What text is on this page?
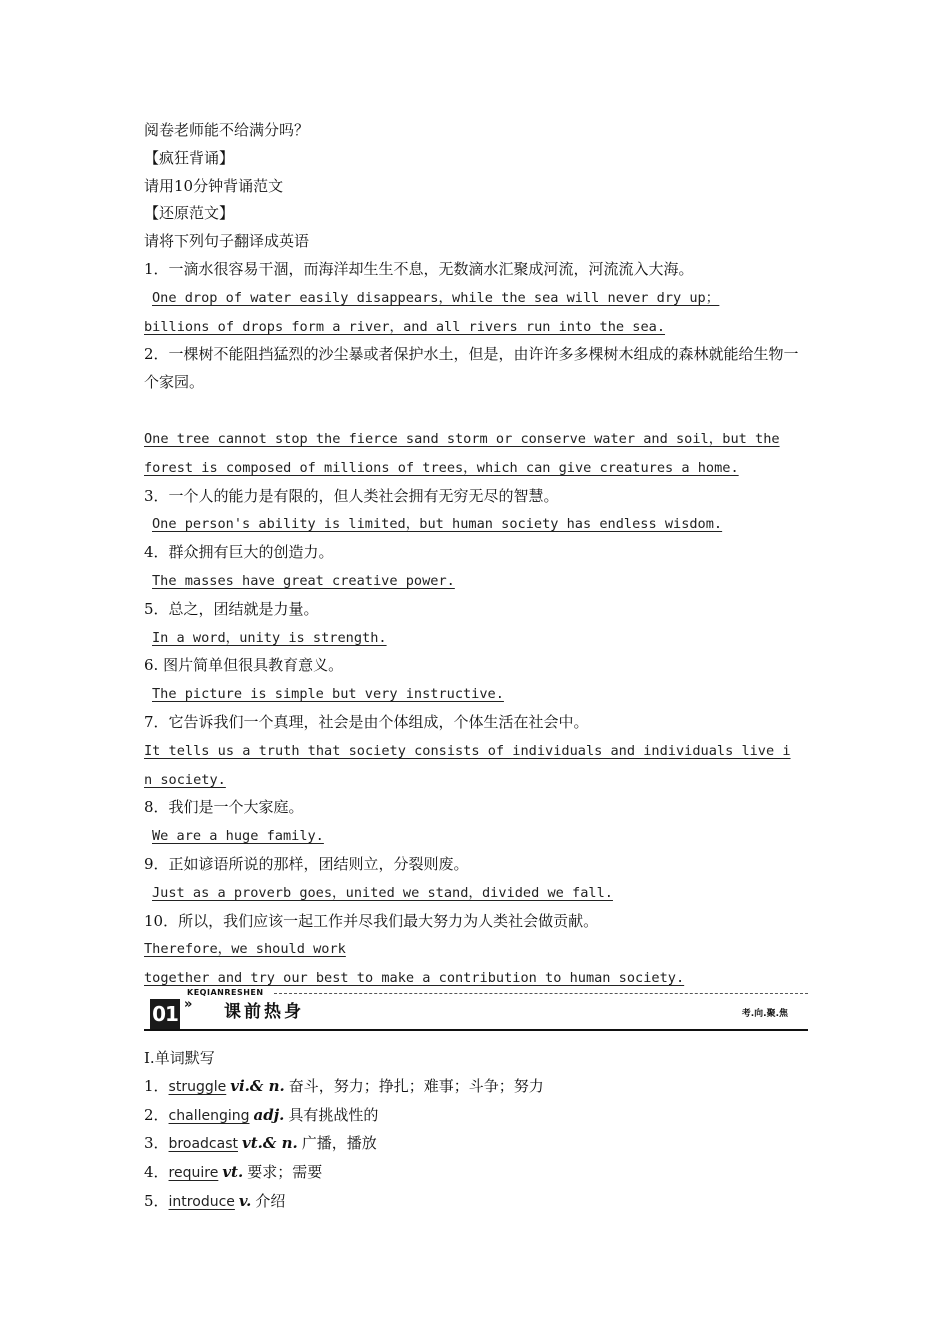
阅卷老师能不给满分吗？
【疯狂背诵】
请用10分钟背诵范文
【还原范文】
请将下列句子翻译成英语
1．一滴水很容易干涸，而海洋却生生不息，无数滴水汇聚成河流，河流流入大海。
One drop of water easily disappears，while the sea will never dry up；
billions of drops form a river，and all rivers run into the sea.
2．一棵树不能阻挡猛烈的沙尘暴或者保护水土，但是，由许许多多棵树木组成的森林就能给生物一个家园。
One tree cannot stop the fierce sand storm or conserve water and soil，but the
forest is composed of millions of trees，which can give creatures a home.
3．一个人的能力是有限的，但人类社会拥有无穷无尽的智慧。
One person's ability is limited，but human society has endless wisdom.
4．群众拥有巨大的创造力。
The masses have great creative power.
5．总之，团结就是力量。
In a word，unity is strength.
6. 图片简单但很具教育意义。
The picture is simple but very instructive.
7．它告诉我们一个真理，社会是由个体组成，个体生活在社会中。
It tells us a truth that society consists of individuals and individuals live i
n society.
8．我们是一个大家庭。
We are a huge family.
9．正如谚语所说的那样，团结则立，分裂则废。
Just as a proverb goes，united we stand，divided we fall.
10．所以，我们应该一起工作并尽我们最大努力为人类社会做贡献。
Therefore，we should work
together and try our best to make a contribution to human society.
KEQIANRESHEN
01 » 课前热身	考.向.聚.焦
Ⅰ.单词默写
1．struggle vi.& n. 奋斗，努力；挣扎；难事；斗争；努力
2．challenging adj. 具有挑战性的
3．broadcast vt.& n. 广播，播放
4．require vt. 要求；需要
5．introduce v. 介绍
